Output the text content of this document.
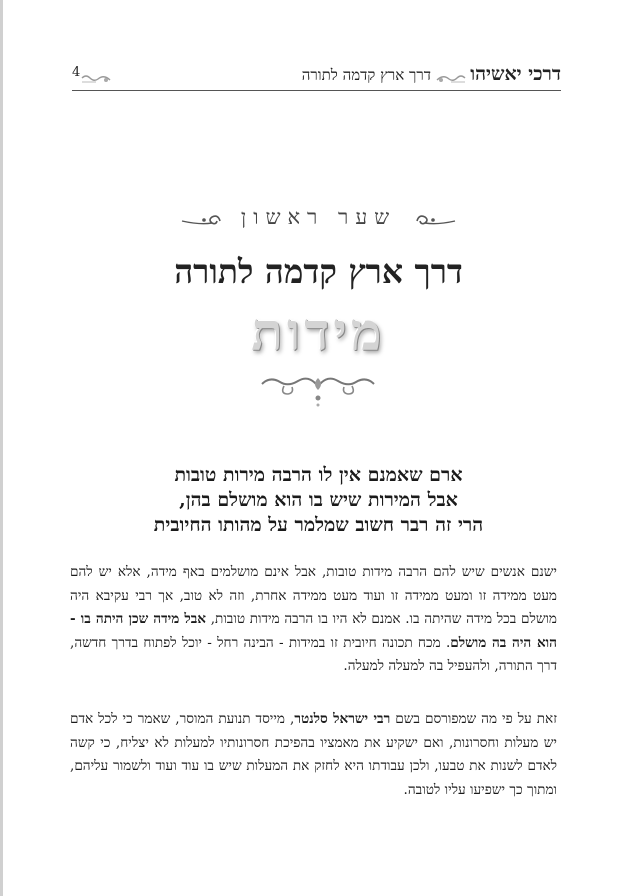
דרכי יאשיהו
דרך ארץ קדמה לתורה
4
שער ראשון
דרך ארץ קדמה לתורה
מידות
ארם שאמנם אין לו הרבה מירות טובות
אבל המירות שיש בו הוא מושלם בהן,
הרי זה רבר חשוב שמלמר על מהותו החיובית
ישנם אנשים שיש להם הרבה מידות טובות, אבל אינם מושלמים באף מידה, אלא יש להם מעט ממידה זו ומעט ממידה זו ועוד מעט ממידה אחרת, וזה לא טוב, אך רבי עקיבא היה מושלם בכל מידה שהיתה בו. אמנם לא היו בו הרבה מידות טובות, אבל מידה שכן היתה בו - הוא היה בה מושלם. מכח תכונה חיובית זו במידות - הבינה רחל - יוכל לפתוח בדרך חדשה, דרך התורה, ולהעפיל בה למעלה למעלה.
זאת על פי מה שמפורסם בשם רבי ישראל סלנטר, מייסד תנועת המוסר, שאמר כי לכל אדם יש מעלות וחסרונות, ואם ישקיע את מאמציו בהפיכת חסרונותיו למעלות לא יצליח, כי קשה לאדם לשנות את טבעו, ולכן עבודתו היא לחזק את המעלות שיש בו עוד ועוד ולשמור עליהם, ומתוך כך ישפיעו עליו לטובה.
